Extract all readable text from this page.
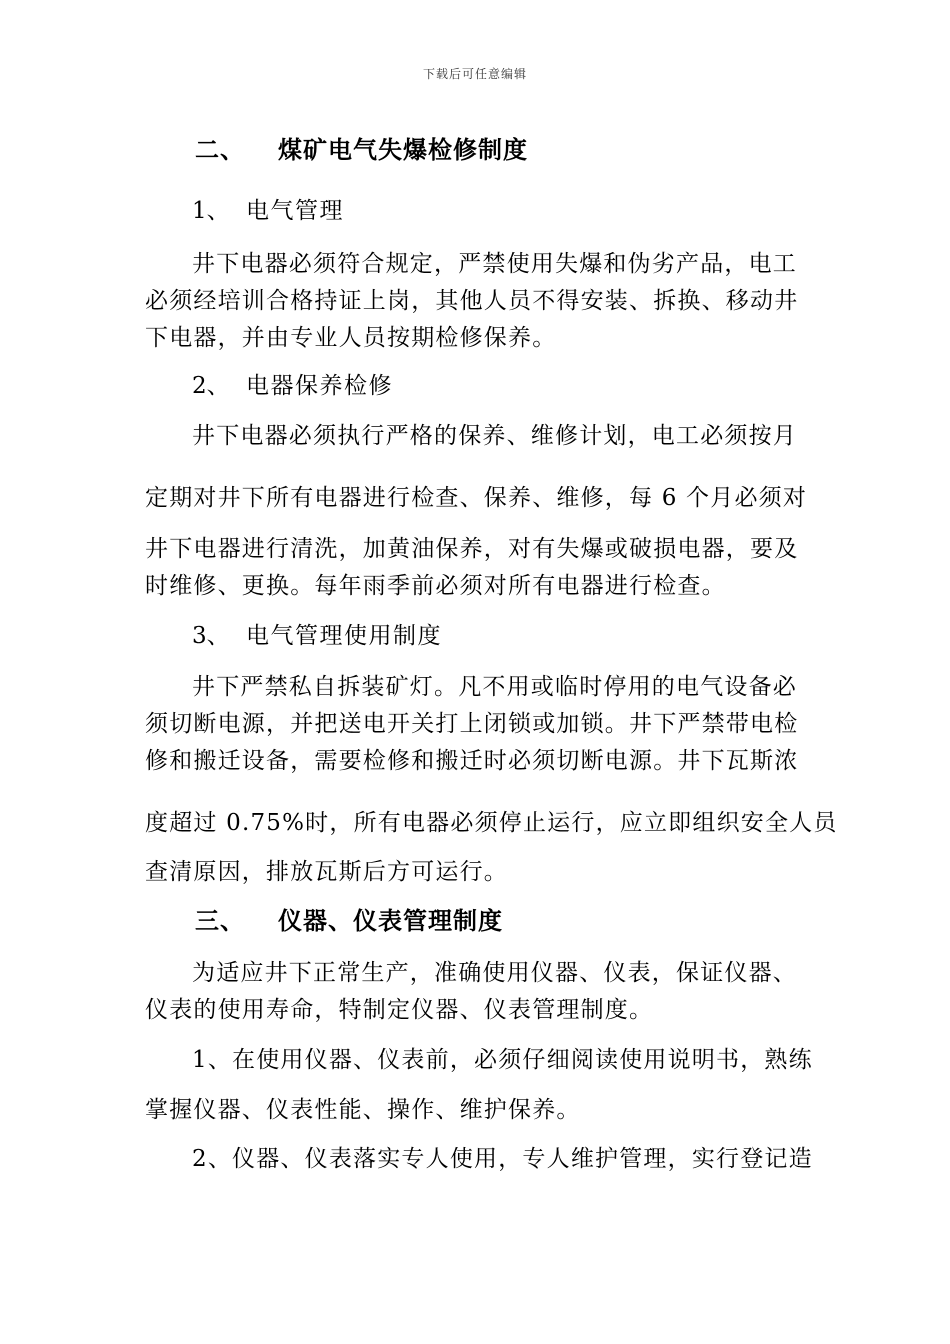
下载后可任意编辑
二、 煤矿电气失爆检修制度
1、 电气管理
井下电器必须符合规定，严禁使用失爆和伪劣产品，电工
必须经培训合格持证上岗，其他人员不得安装、拆换、移动井
下电器，并由专业人员按期检修保养。
2、 电器保养检修
井下电器必须执行严格的保养、维修计划，电工必须按月
定期对井下所有电器进行检查、保养、维修，每 6 个月必须对
井下电器进行清洗，加黄油保养，对有失爆或破损电器，要及
时维修、更换。每年雨季前必须对所有电器进行检查。
3、 电气管理使用制度
井下严禁私自拆装矿灯。凡不用或临时停用的电气设备必
须切断电源，并把送电开关打上闭锁或加锁。井下严禁带电检
修和搬迁设备，需要检修和搬迁时必须切断电源。井下瓦斯浓
度超过 0.75%时，所有电器必须停止运行，应立即组织安全人员
查清原因，排放瓦斯后方可运行。
三、 仪器、仪表管理制度
为适应井下正常生产，准确使用仪器、仪表，保证仪器、
仪表的使用寿命，特制定仪器、仪表管理制度。
1、在使用仪器、仪表前，必须仔细阅读使用说明书，熟练
掌握仪器、仪表性能、操作、维护保养。
2、仪器、仪表落实专人使用，专人维护管理，实行登记造
